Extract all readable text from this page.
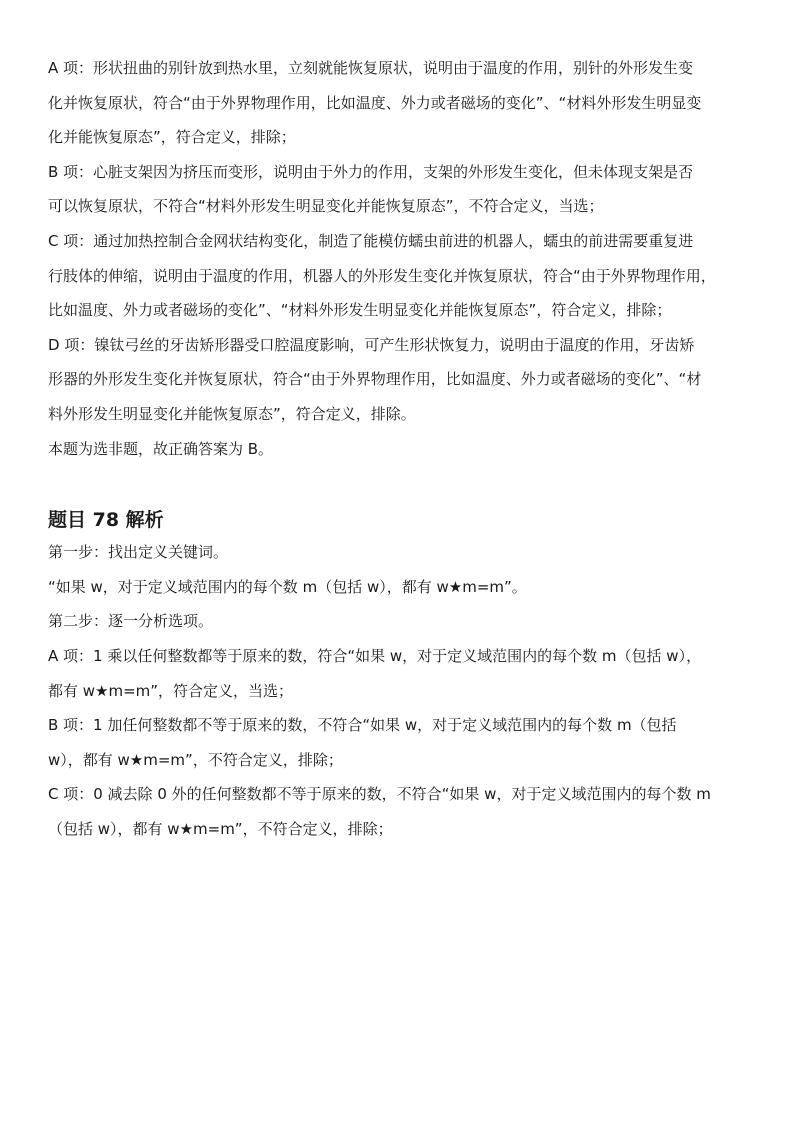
A 项：形状扭曲的别针放到热水里，立刻就能恢复原状，说明由于温度的作用，别针的外形发生变
化并恢复原状，符合“由于外界物理作用，比如温度、外力或者磁场的变化”、“材料外形发生明显变
化并能恢复原态”，符合定义，排除；
B 项：心脏支架因为挤压而变形，说明由于外力的作用，支架的外形发生变化，但未体现支架是否
可以恢复原状，不符合“材料外形发生明显变化并能恢复原态”，不符合定义，当选；
C 项：通过加热控制合金网状结构变化，制造了能模仿蠕虫前进的机器人，蠕虫的前进需要重复进
行肢体的伸缩，说明由于温度的作用，机器人的外形发生变化并恢复原状，符合“由于外界物理作用，
比如温度、外力或者磁场的变化”、“材料外形发生明显变化并能恢复原态”，符合定义，排除；
D 项：镍钛弓丝的牙齿矫形器受口腔温度影响，可产生形状恢复力，说明由于温度的作用，牙齿矫
形器的外形发生变化并恢复原状，符合“由于外界物理作用，比如温度、外力或者磁场的变化”、“材
料外形发生明显变化并能恢复原态”，符合定义，排除。
本题为选非题，故正确答案为 B。
题目 78 解析
第一步：找出定义关键词。
“如果 w，对于定义域范围内的每个数 m（包括 w），都有 w★m=m”。
第二步：逐一分析选项。
A 项：1 乘以任何整数都等于原来的数，符合“如果 w，对于定义域范围内的每个数 m（包括 w），
都有 w★m=m”，符合定义，当选；
B 项：1 加任何整数都不等于原来的数，不符合“如果 w，对于定义域范围内的每个数 m（包括
w），都有 w★m=m”，不符合定义，排除；
C 项：0 减去除 0 外的任何整数都不等于原来的数，不符合“如果 w，对于定义域范围内的每个数 m
（包括 w），都有 w★m=m”，不符合定义，排除；
